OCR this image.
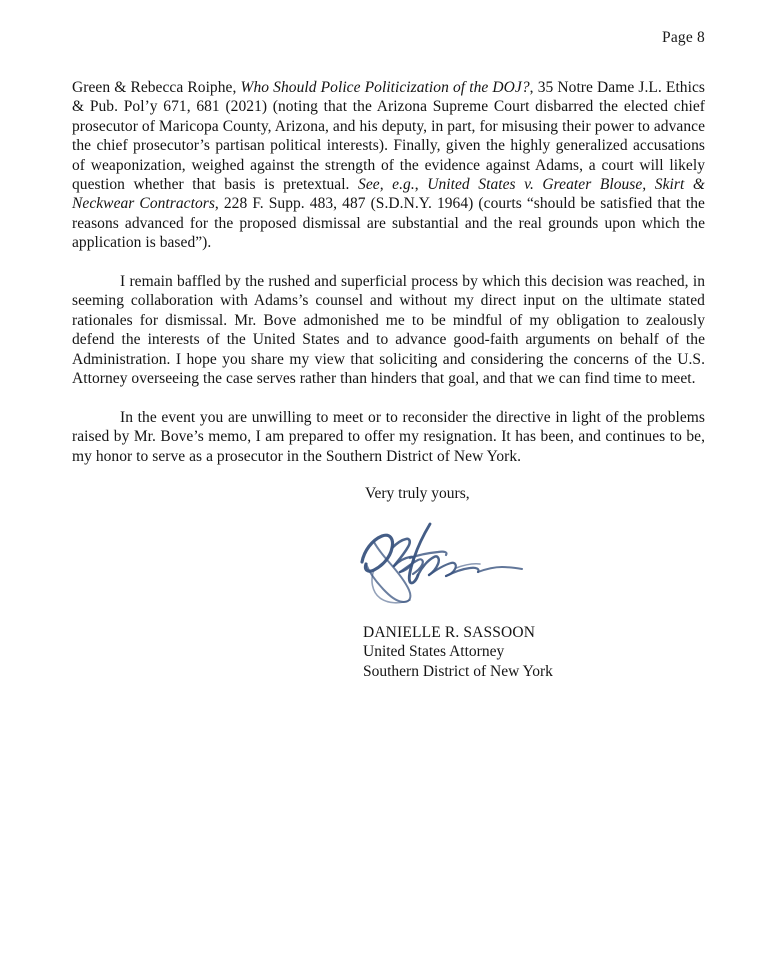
Page 8

Green & Rebecca Roiphe, Who Should Police Politicization of the DOJ?, 35 Notre Dame J.L. Ethics & Pub. Pol’y 671, 681 (2021) (noting that the Arizona Supreme Court disbarred the elected chief prosecutor of Maricopa County, Arizona, and his deputy, in part, for misusing their power to advance the chief prosecutor’s partisan political interests). Finally, given the highly generalized accusations of weaponization, weighed against the strength of the evidence against Adams, a court will likely question whether that basis is pretextual. See, e.g., United States v. Greater Blouse, Skirt & Neckwear Contractors, 228 F. Supp. 483, 487 (S.D.N.Y. 1964) (courts “should be satisfied that the reasons advanced for the proposed dismissal are substantial and the real grounds upon which the application is based”).

I remain baffled by the rushed and superficial process by which this decision was reached, in seeming collaboration with Adams’s counsel and without my direct input on the ultimate stated rationales for dismissal. Mr. Bove admonished me to be mindful of my obligation to zealously defend the interests of the United States and to advance good-faith arguments on behalf of the Administration. I hope you share my view that soliciting and considering the concerns of the U.S. Attorney overseeing the case serves rather than hinders that goal, and that we can find time to meet.

In the event you are unwilling to meet or to reconsider the directive in light of the problems raised by Mr. Bove’s memo, I am prepared to offer my resignation. It has been, and continues to be, my honor to serve as a prosecutor in the Southern District of New York.

Very truly yours,
DANIELLE R. SASSOON
United States Attorney
Southern District of New York
